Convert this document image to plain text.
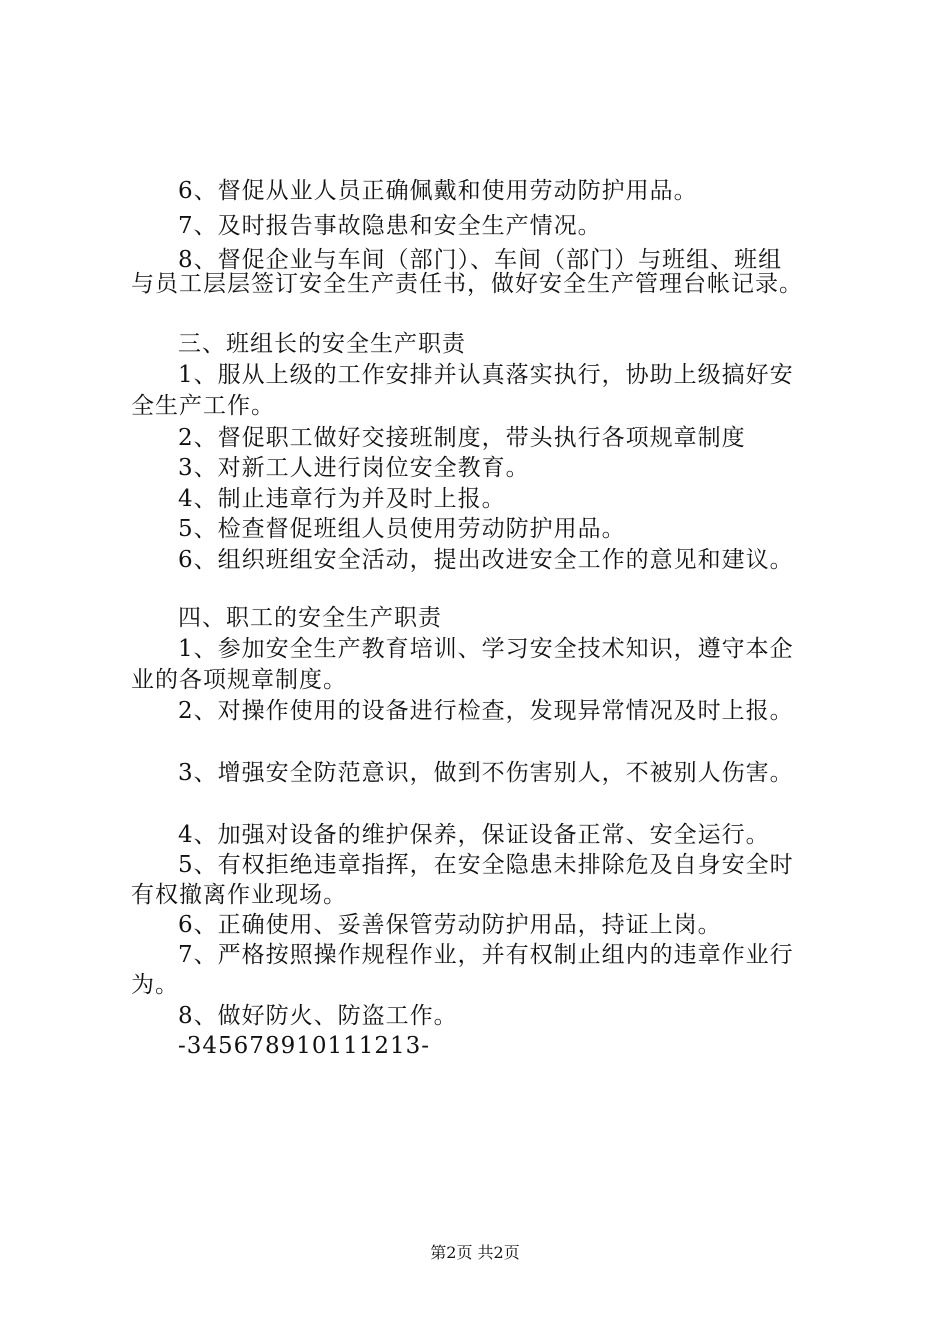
6、督促从业人员正确佩戴和使用劳动防护用品。
7、及时报告事故隐患和安全生产情况。
8、督促企业与车间（部门）、车间（部门）与班组、班组
与员工层层签订安全生产责任书，做好安全生产管理台帐记录。
三、班组长的安全生产职责
1、服从上级的工作安排并认真落实执行，协助上级搞好安
全生产工作。
2、督促职工做好交接班制度，带头执行各项规章制度
3、对新工人进行岗位安全教育。
4、制止违章行为并及时上报。
5、检查督促班组人员使用劳动防护用品。
6、组织班组安全活动，提出改进安全工作的意见和建议。
四、职工的安全生产职责
1、参加安全生产教育培训、学习安全技术知识，遵守本企
业的各项规章制度。
2、对操作使用的设备进行检查，发现异常情况及时上报。
3、增强安全防范意识，做到不伤害别人，不被别人伤害。
4、加强对设备的维护保养，保证设备正常、安全运行。
5、有权拒绝违章指挥，在安全隐患未排除危及自身安全时
有权撤离作业现场。
6、正确使用、妥善保管劳动防护用品，持证上岗。
7、严格按照操作规程作业，并有权制止组内的违章作业行
为。
8、做好防火、防盗工作。
-345678910111213-
第2页 共2页
